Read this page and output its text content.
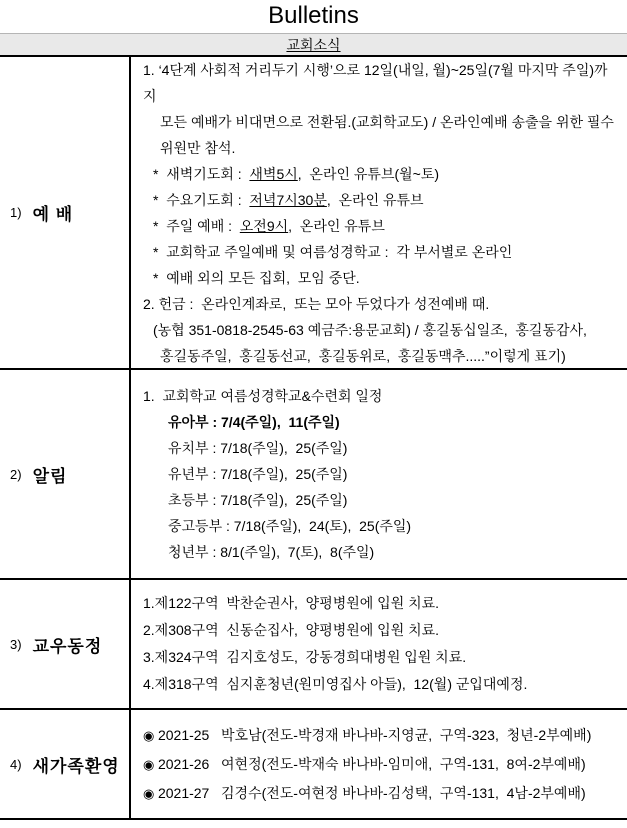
Bulletins
교회소식
1) 예 배
1. ‘4단계 사회적 거리두기 시행’으로 12일(내일, 월)~25일(7월 마지막 주일)까지
모든 예배가 비대면으로 전환됨.(교회학교도) / 온라인예배 송출을 위한 필수
위원만 참석.
*  새벽기도회 :  새벽5시,  온라인 유튜브(월~토)
*  수요기도회 :  저녁7시30분,  온라인 유튜브
*  주일 예배 :  오전9시,  온라인 유튜브
*  교회학교 주일예배 및 여름성경학교 :  각 부서별로 온라인
*  예배 외의 모든 집회,  모임 중단.
2. 헌금 :  온라인계좌로,  또는 모아 두었다가 성전예배 때.
(농협 351-0818-2545-63 예금주:용문교회) / 홍길동십일조,  홍길동감사,
홍길동주일,  홍길동선교,  홍길동위로,  홍길동맥추.....”이렇게 표기)
2) 알림
1.  교회학교 여름성경학교&수련회 일정
유아부 : 7/4(주일),  11(주일)
유치부 : 7/18(주일),  25(주일)
유년부 : 7/18(주일),  25(주일)
초등부 : 7/18(주일),  25(주일)
중고등부 : 7/18(주일),  24(토),  25(주일)
청년부 : 8/1(주일),  7(토),  8(주일)
3) 교우동정
1.제122구역  박찬순권사,  양평병원에 입원 치료.
2.제308구역  신동순집사,  양평병원에 입원 치료.
3.제324구역  김지호성도,  강동경희대병원 입원 치료.
4.제318구역  심지훈청년(원미영집사 아들),  12(월) 군입대예정.
4) 새가족환영
◉ 2021-25   박호남(전도-박경재 바나바-지영균,  구역-323,  청년-2부예배)
◉ 2021-26   여현정(전도-박재숙 바나바-임미애,  구역-131,  8여-2부예배)
◉ 2021-27   김경수(전도-여현정 바나바-김성택,  구역-131,  4남-2부예배)
